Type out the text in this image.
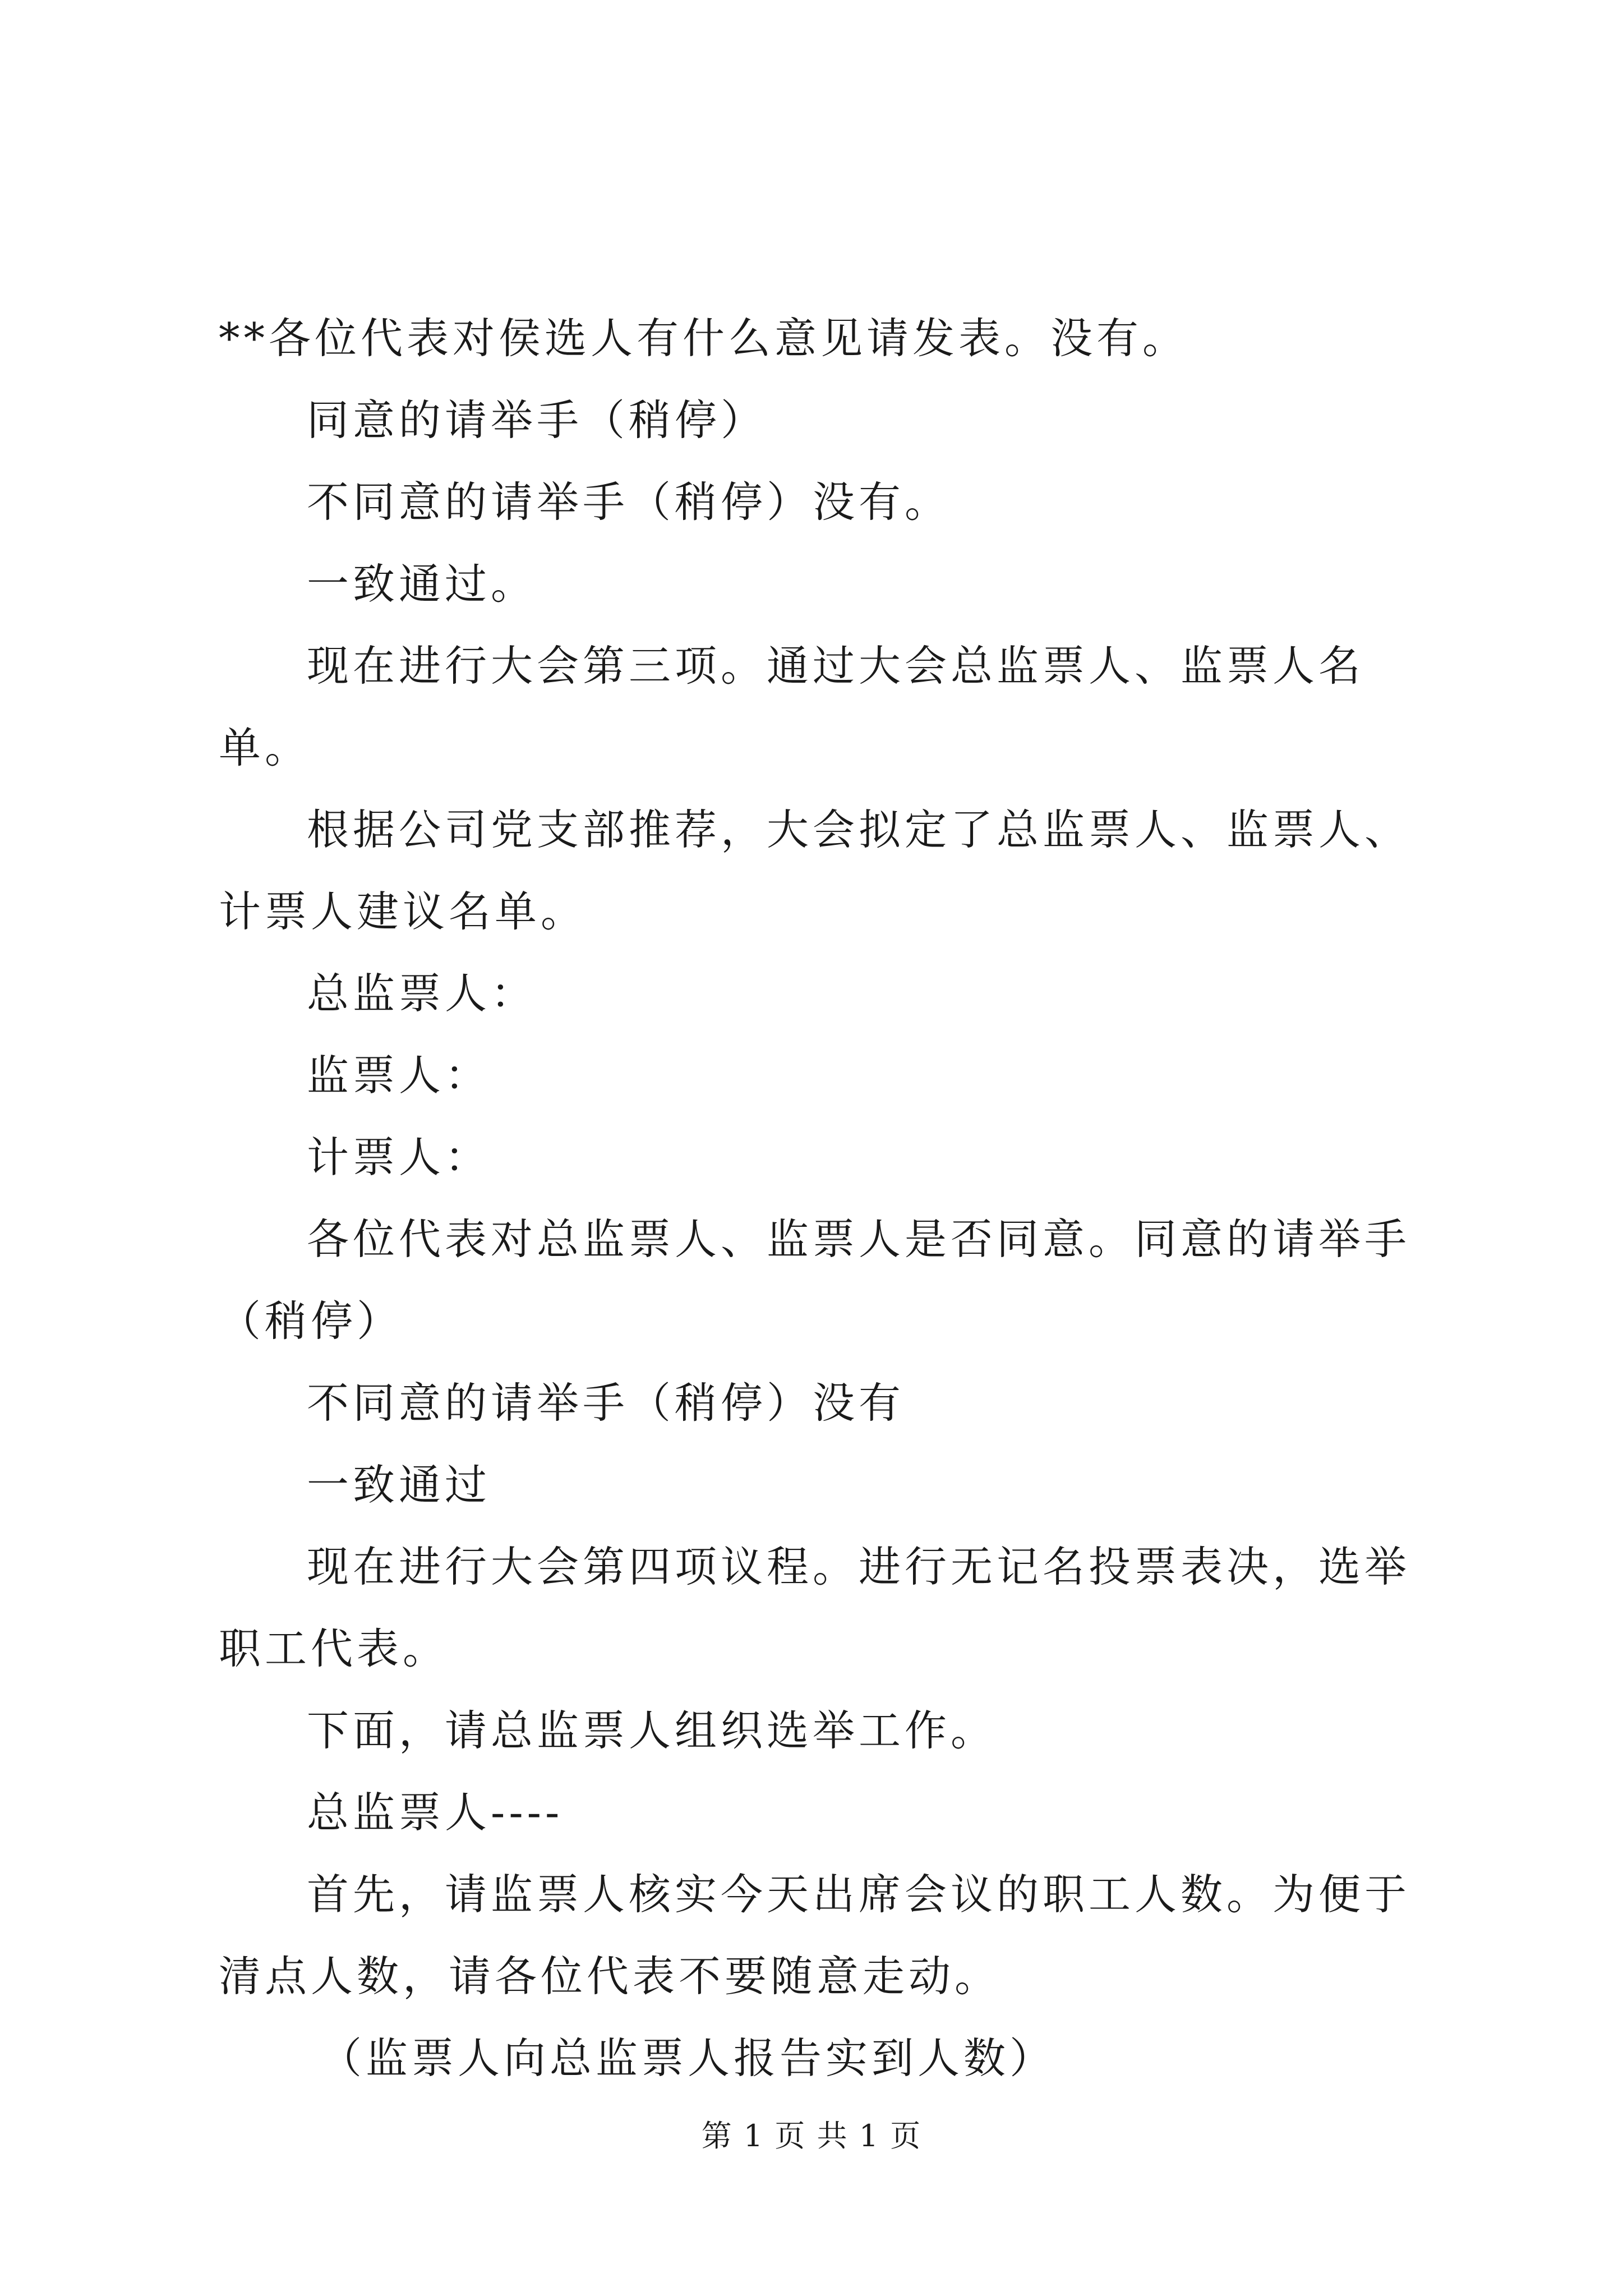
**各位代表对侯选人有什么意见请发表。没有。

同意的请举手（稍停）

不同意的请举手（稍停）没有。

一致通过。

现在进行大会第三项。通过大会总监票人、监票人名单。

根据公司党支部推荐，大会拟定了总监票人、监票人、计票人建议名单。

总监票人：

监票人：

计票人：

各位代表对总监票人、监票人是否同意。同意的请举手（稍停）

不同意的请举手（稍停）没有

一致通过

现在进行大会第四项议程。进行无记名投票表决，选举职工代表。

下面，请总监票人组织选举工作。

总监票人----

首先，请监票人核实今天出席会议的职工人数。为便于清点人数，请各位代表不要随意走动。

（监票人向总监票人报告实到人数）

第 1 页 共 1 页
